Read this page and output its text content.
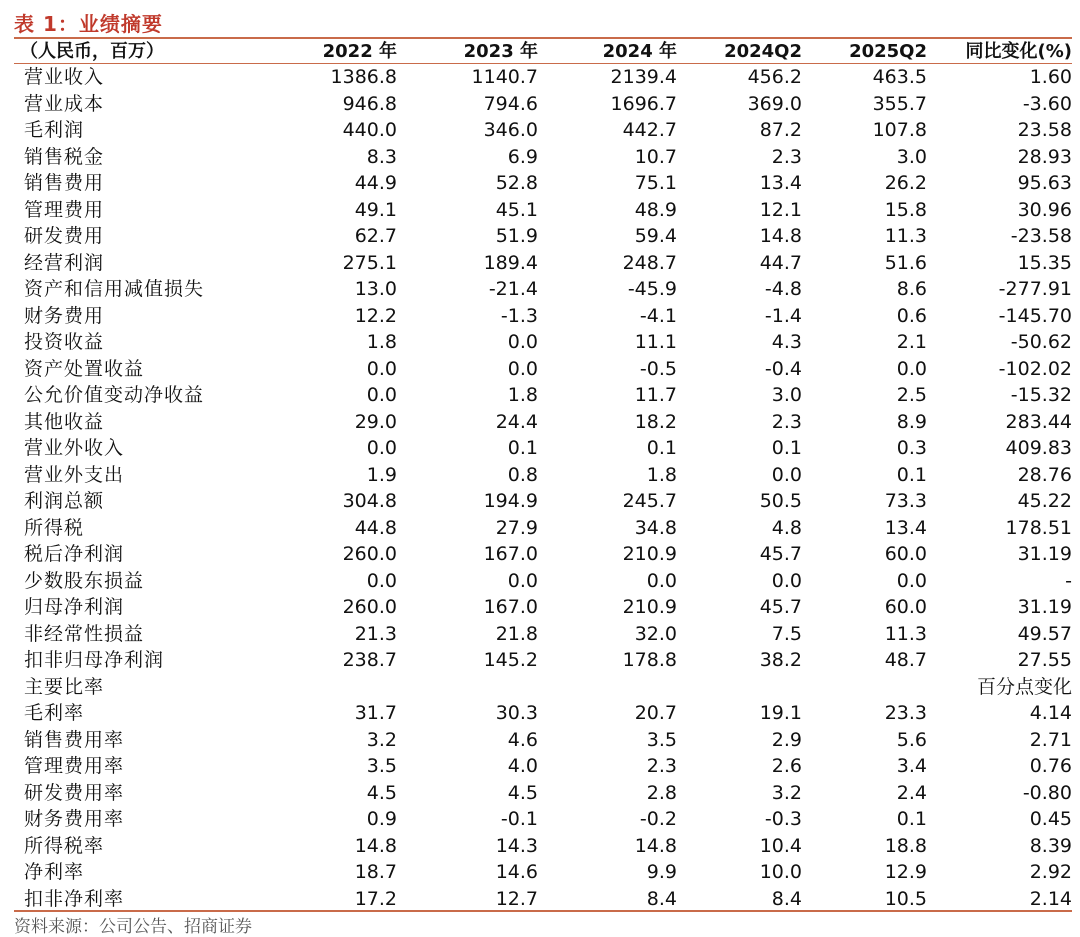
表 1：业绩摘要
（人民币，百万）	2022 年	2023 年	2024 年	2024Q2	2025Q2	同比变化(%)
营业收入	1386.8	1140.7	2139.4	456.2	463.5	1.60
营业成本	946.8	794.6	1696.7	369.0	355.7	-3.60
毛利润	440.0	346.0	442.7	87.2	107.8	23.58
销售税金	8.3	6.9	10.7	2.3	3.0	28.93
销售费用	44.9	52.8	75.1	13.4	26.2	95.63
管理费用	49.1	45.1	48.9	12.1	15.8	30.96
研发费用	62.7	51.9	59.4	14.8	11.3	-23.58
经营利润	275.1	189.4	248.7	44.7	51.6	15.35
资产和信用减值损失	13.0	-21.4	-45.9	-4.8	8.6	-277.91
财务费用	12.2	-1.3	-4.1	-1.4	0.6	-145.70
投资收益	1.8	0.0	11.1	4.3	2.1	-50.62
资产处置收益	0.0	0.0	-0.5	-0.4	0.0	-102.02
公允价值变动净收益	0.0	1.8	11.7	3.0	2.5	-15.32
其他收益	29.0	24.4	18.2	2.3	8.9	283.44
营业外收入	0.0	0.1	0.1	0.1	0.3	409.83
营业外支出	1.9	0.8	1.8	0.0	0.1	28.76
利润总额	304.8	194.9	245.7	50.5	73.3	45.22
所得税	44.8	27.9	34.8	4.8	13.4	178.51
税后净利润	260.0	167.0	210.9	45.7	60.0	31.19
少数股东损益	0.0	0.0	0.0	0.0	0.0	-
归母净利润	260.0	167.0	210.9	45.7	60.0	31.19
非经常性损益	21.3	21.8	32.0	7.5	11.3	49.57
扣非归母净利润	238.7	145.2	178.8	38.2	48.7	27.55
主要比率						百分点变化
毛利率	31.7	30.3	20.7	19.1	23.3	4.14
销售费用率	3.2	4.6	3.5	2.9	5.6	2.71
管理费用率	3.5	4.0	2.3	2.6	3.4	0.76
研发费用率	4.5	4.5	2.8	3.2	2.4	-0.80
财务费用率	0.9	-0.1	-0.2	-0.3	0.1	0.45
所得税率	14.8	14.3	14.8	10.4	18.8	8.39
净利率	18.7	14.6	9.9	10.0	12.9	2.92
扣非净利率	17.2	12.7	8.4	8.4	10.5	2.14
资料来源：公司公告、招商证券
